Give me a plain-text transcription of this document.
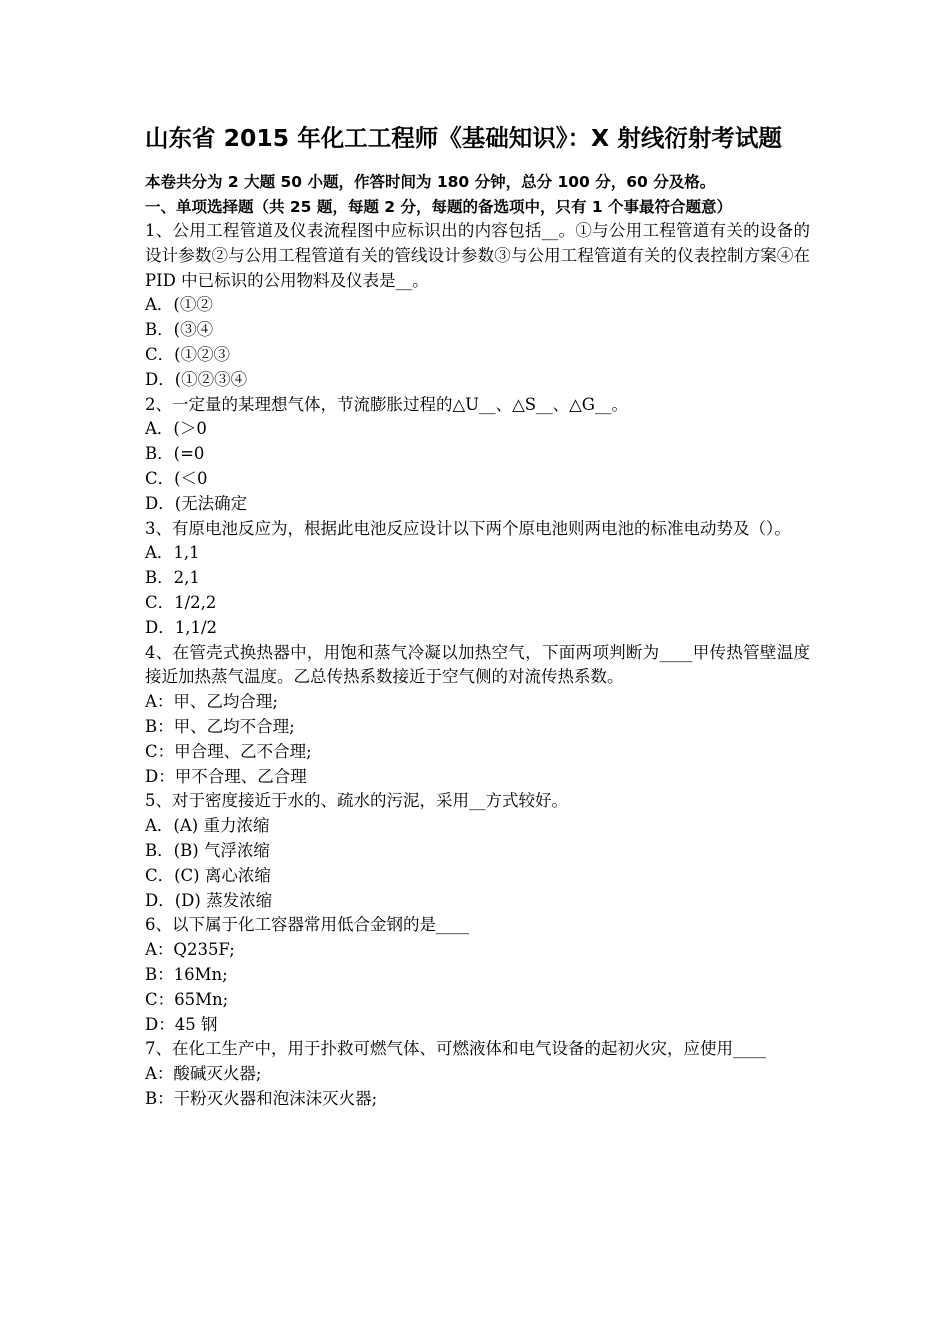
山东省 2015 年化工工程师《基础知识》：X 射线衍射考试题
本卷共分为 2 大题 50 小题，作答时间为 180 分钟，总分 100 分，60 分及格。
一、单项选择题（共 25 题，每题 2 分，每题的备选项中，只有 1 个事最符合题意）
1、公用工程管道及仪表流程图中应标识出的内容包括__。①与公用工程管道有关的设备的设计参数②与公用工程管道有关的管线设计参数③与公用工程管道有关的仪表控制方案④在 PID 中已标识的公用物料及仪表是__。
A．(①②
B．(③④
C．(①②③
D．(①②③④
2、一定量的某理想气体，节流膨胀过程的△U__、△S__、△G__。
A．(＞0
B．(=0
C．(＜0
D．(无法确定
3、有原电池反应为，根据此电池反应设计以下两个原电池则两电池的标准电动势及（）。
A．1,1
B．2,1
C．1/2,2
D．1,1/2
4、在管壳式换热器中，用饱和蒸气冷凝以加热空气，下面两项判断为____甲传热管壁温度接近加热蒸气温度。乙总传热系数接近于空气侧的对流传热系数。
A：甲、乙均合理;
B：甲、乙均不合理;
C：甲合理、乙不合理;
D：甲不合理、乙合理
5、对于密度接近于水的、疏水的污泥，采用__方式较好。
A．(A) 重力浓缩
B．(B) 气浮浓缩
C．(C) 离心浓缩
D．(D) 蒸发浓缩
6、以下属于化工容器常用低合金钢的是____
A：Q235F;
B：16Mn;
C：65Mn;
D：45 钢
7、在化工生产中，用于扑救可燃气体、可燃液体和电气设备的起初火灾，应使用____
A：酸碱灭火器;
B：干粉灭火器和泡沫沫灭火器;
